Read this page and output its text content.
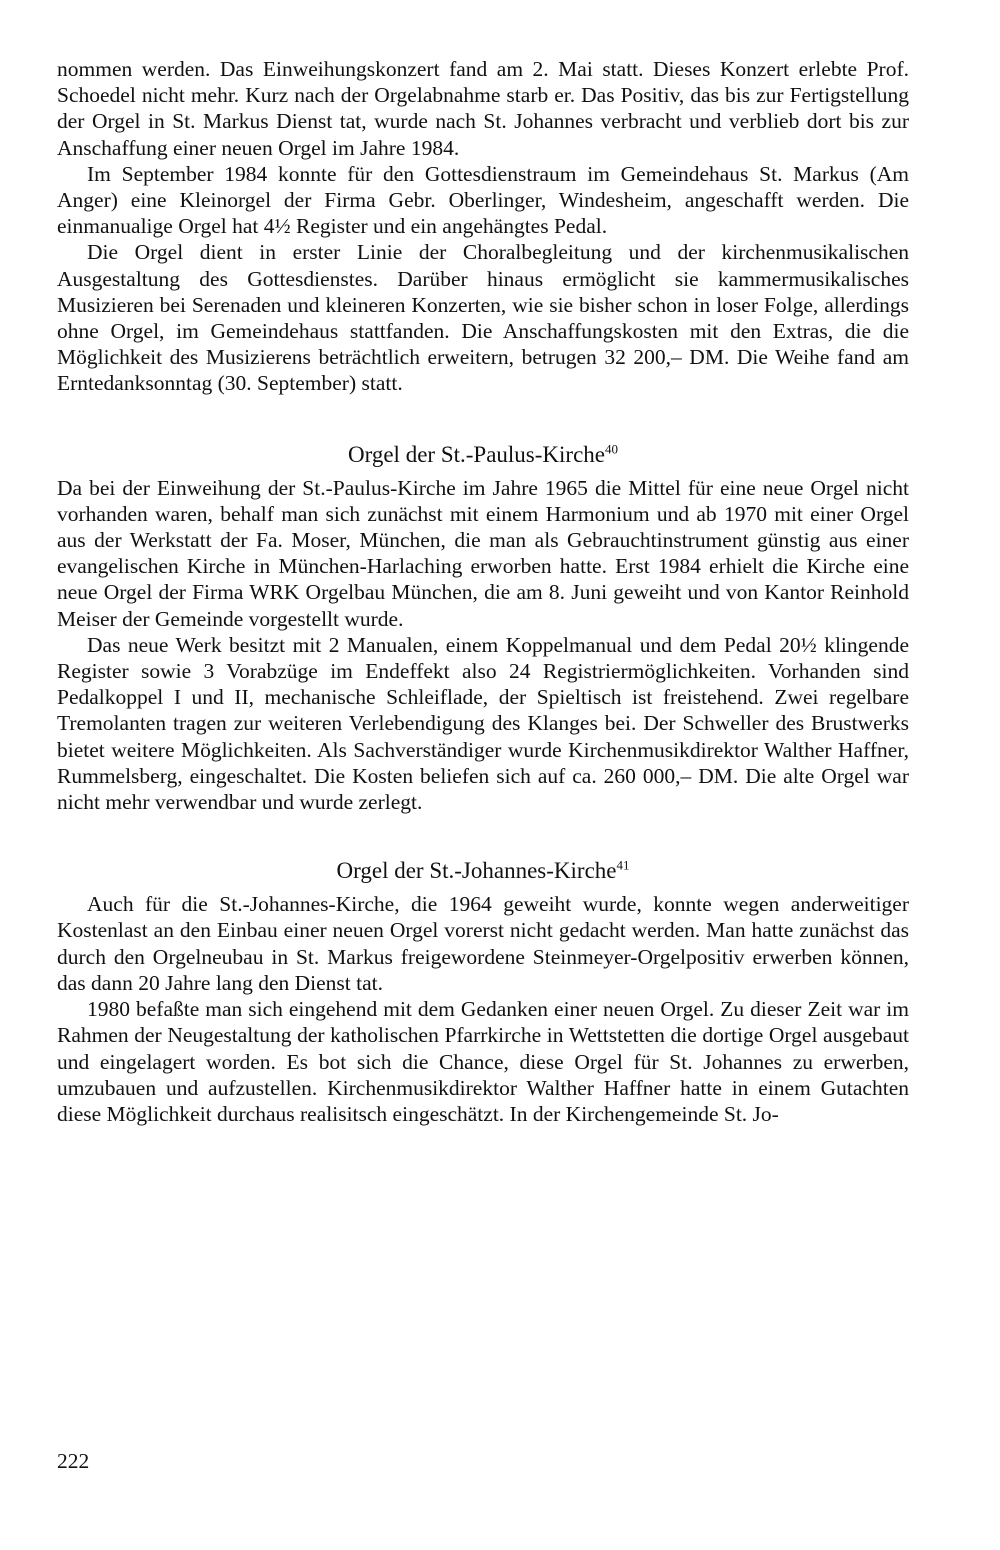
nommen werden. Das Einweihungskonzert fand am 2. Mai statt. Dieses Konzert erlebte Prof. Schoedel nicht mehr. Kurz nach der Orgelabnahme starb er. Das Positiv, das bis zur Fertigstellung der Orgel in St. Markus Dienst tat, wurde nach St. Johannes verbracht und verblieb dort bis zur Anschaffung einer neuen Orgel im Jahre 1984.

Im September 1984 konnte für den Gottesdienstraum im Gemeindehaus St. Markus (Am Anger) eine Kleinorgel der Firma Gebr. Oberlinger, Windesheim, angeschafft werden. Die einmanualige Orgel hat 4½ Register und ein angehängtes Pedal.

Die Orgel dient in erster Linie der Choralbegleitung und der kirchenmusikalischen Ausgestaltung des Gottesdienstes. Darüber hinaus ermöglicht sie kammermusikalisches Musizieren bei Serenaden und kleineren Konzerten, wie sie bisher schon in loser Folge, allerdings ohne Orgel, im Gemeindehaus stattfanden. Die Anschaffungskosten mit den Extras, die die Möglichkeit des Musizierens beträchtlich erweitern, betrugen 32 200,– DM. Die Weihe fand am Erntedanksonntag (30. September) statt.

Orgel der St.-Paulus-Kirche$^{40}$

Da bei der Einweihung der St.-Paulus-Kirche im Jahre 1965 die Mittel für eine neue Orgel nicht vorhanden waren, behalf man sich zunächst mit einem Harmonium und ab 1970 mit einer Orgel aus der Werkstatt der Fa. Moser, München, die man als Gebrauchtinstrument günstig aus einer evangelischen Kirche in München-Harlaching erworben hatte. Erst 1984 erhielt die Kirche eine neue Orgel der Firma WRK Orgelbau München, die am 8. Juni geweiht und von Kantor Reinhold Meiser der Gemeinde vorgestellt wurde.

Das neue Werk besitzt mit 2 Manualen, einem Koppelmanual und dem Pedal 20½ klingende Register sowie 3 Vorabzüge im Endeffekt also 24 Registriermöglichkeiten. Vorhanden sind Pedalkoppel I und II, mechanische Schleiflade, der Spieltisch ist freistehend. Zwei regelbare Tremolanten tragen zur weiteren Verlebendigung des Klanges bei. Der Schweller des Brustwerks bietet weitere Möglichkeiten. Als Sachverständiger wurde Kirchenmusikdirektor Walther Haffner, Rummelsberg, eingeschaltet. Die Kosten beliefen sich auf ca. 260 000,– DM. Die alte Orgel war nicht mehr verwendbar und wurde zerlegt.

Orgel der St.-Johannes-Kirche$^{41}$

Auch für die St.-Johannes-Kirche, die 1964 geweiht wurde, konnte wegen anderweitiger Kostenlast an den Einbau einer neuen Orgel vorerst nicht gedacht werden. Man hatte zunächst das durch den Orgelneubau in St. Markus freigewordene Steinmeyer-Orgelpositiv erwerben können, das dann 20 Jahre lang den Dienst tat.

1980 befaßte man sich eingehend mit dem Gedanken einer neuen Orgel. Zu dieser Zeit war im Rahmen der Neugestaltung der katholischen Pfarrkirche in Wettstetten die dortige Orgel ausgebaut und eingelagert worden. Es bot sich die Chance, diese Orgel für St. Johannes zu erwerben, umzubauen und aufzustellen. Kirchenmusikdirektor Walther Haffner hatte in einem Gutachten diese Möglichkeit durchaus realisitsch eingeschätzt. In der Kirchengemeinde St. Jo-

222
